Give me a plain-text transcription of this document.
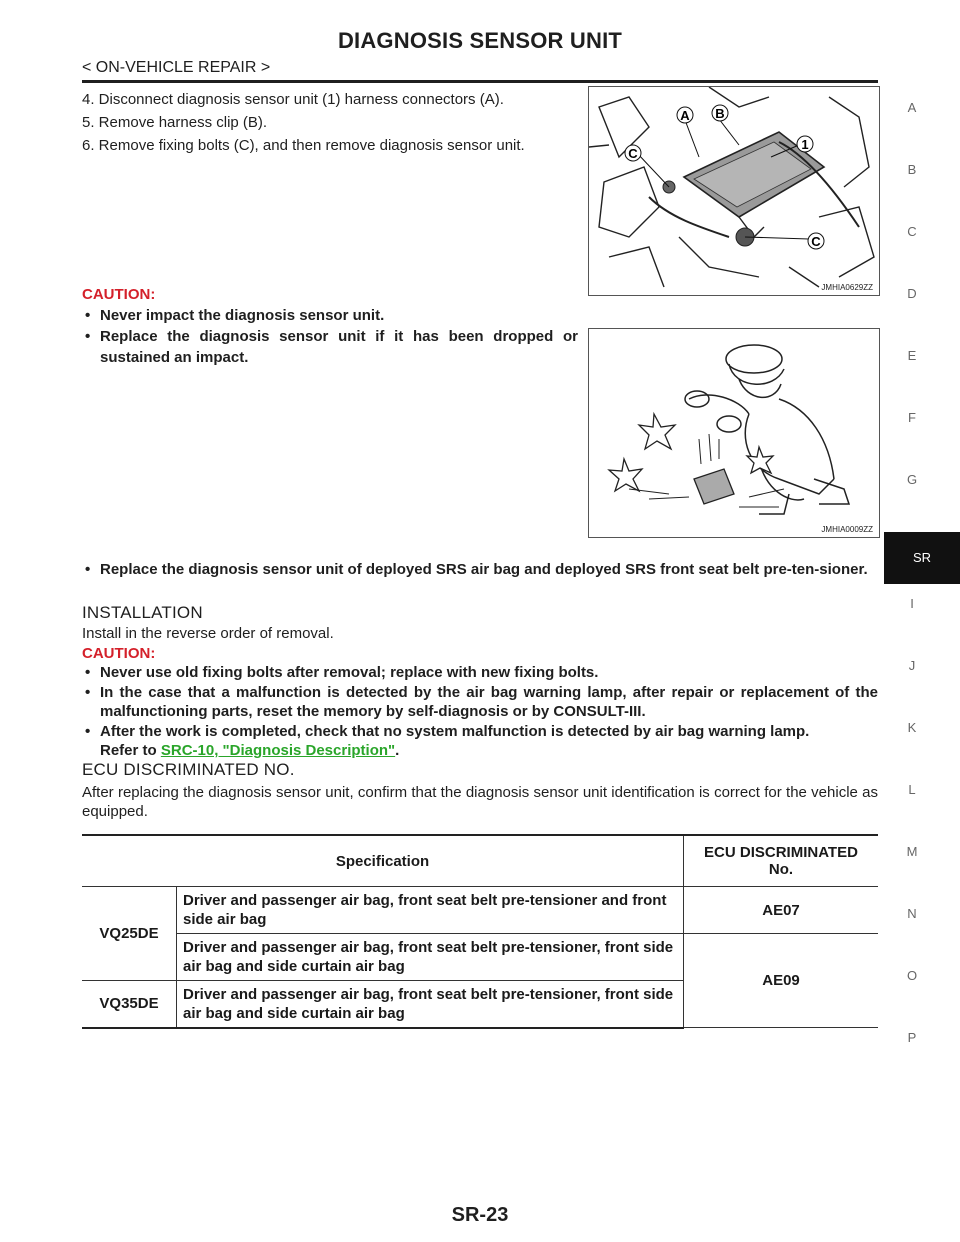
DIAGNOSIS SENSOR UNIT
< ON-VEHICLE REPAIR >
4. Disconnect diagnosis sensor unit (1) harness connectors (A).
5. Remove harness clip (B).
6. Remove fixing bolts (C), and then remove diagnosis sensor unit.
A B
1
C
C
JMHIA0629ZZ
CAUTION:
• Never impact the diagnosis sensor unit.
• Replace the diagnosis sensor unit if it has been dropped or sustained an impact.
JMHIA0009ZZ
• Replace the diagnosis sensor unit of deployed SRS air bag and deployed SRS front seat belt pre-ten-sioner.
INSTALLATION
Install in the reverse order of removal.
CAUTION:
• Never use old fixing bolts after removal; replace with new fixing bolts.
• In the case that a malfunction is detected by the air bag warning lamp, after repair or replacement of the malfunctioning parts, reset the memory by self-diagnosis or by CONSULT-III.
• After the work is completed, check that no system malfunction is detected by air bag warning lamp.
Refer to SRC-10, "Diagnosis Description".
ECU DISCRIMINATED NO.
After replacing the diagnosis sensor unit, confirm that the diagnosis sensor unit identification is correct for the vehicle as equipped.
Specification		ECU DISCRIMINATED No.
VQ25DE	Driver and passenger air bag, front seat belt pre-tensioner and front side air bag	AE07
	Driver and passenger air bag, front seat belt pre-tensioner, front side air bag and side curtain air bag	AE09
VQ35DE	Driver and passenger air bag, front seat belt pre-tensioner, front side air bag and side curtain air bag	
A
B
C
D
E
F
G
SR
I
J
K
L
M
N
O
P
SR-23
